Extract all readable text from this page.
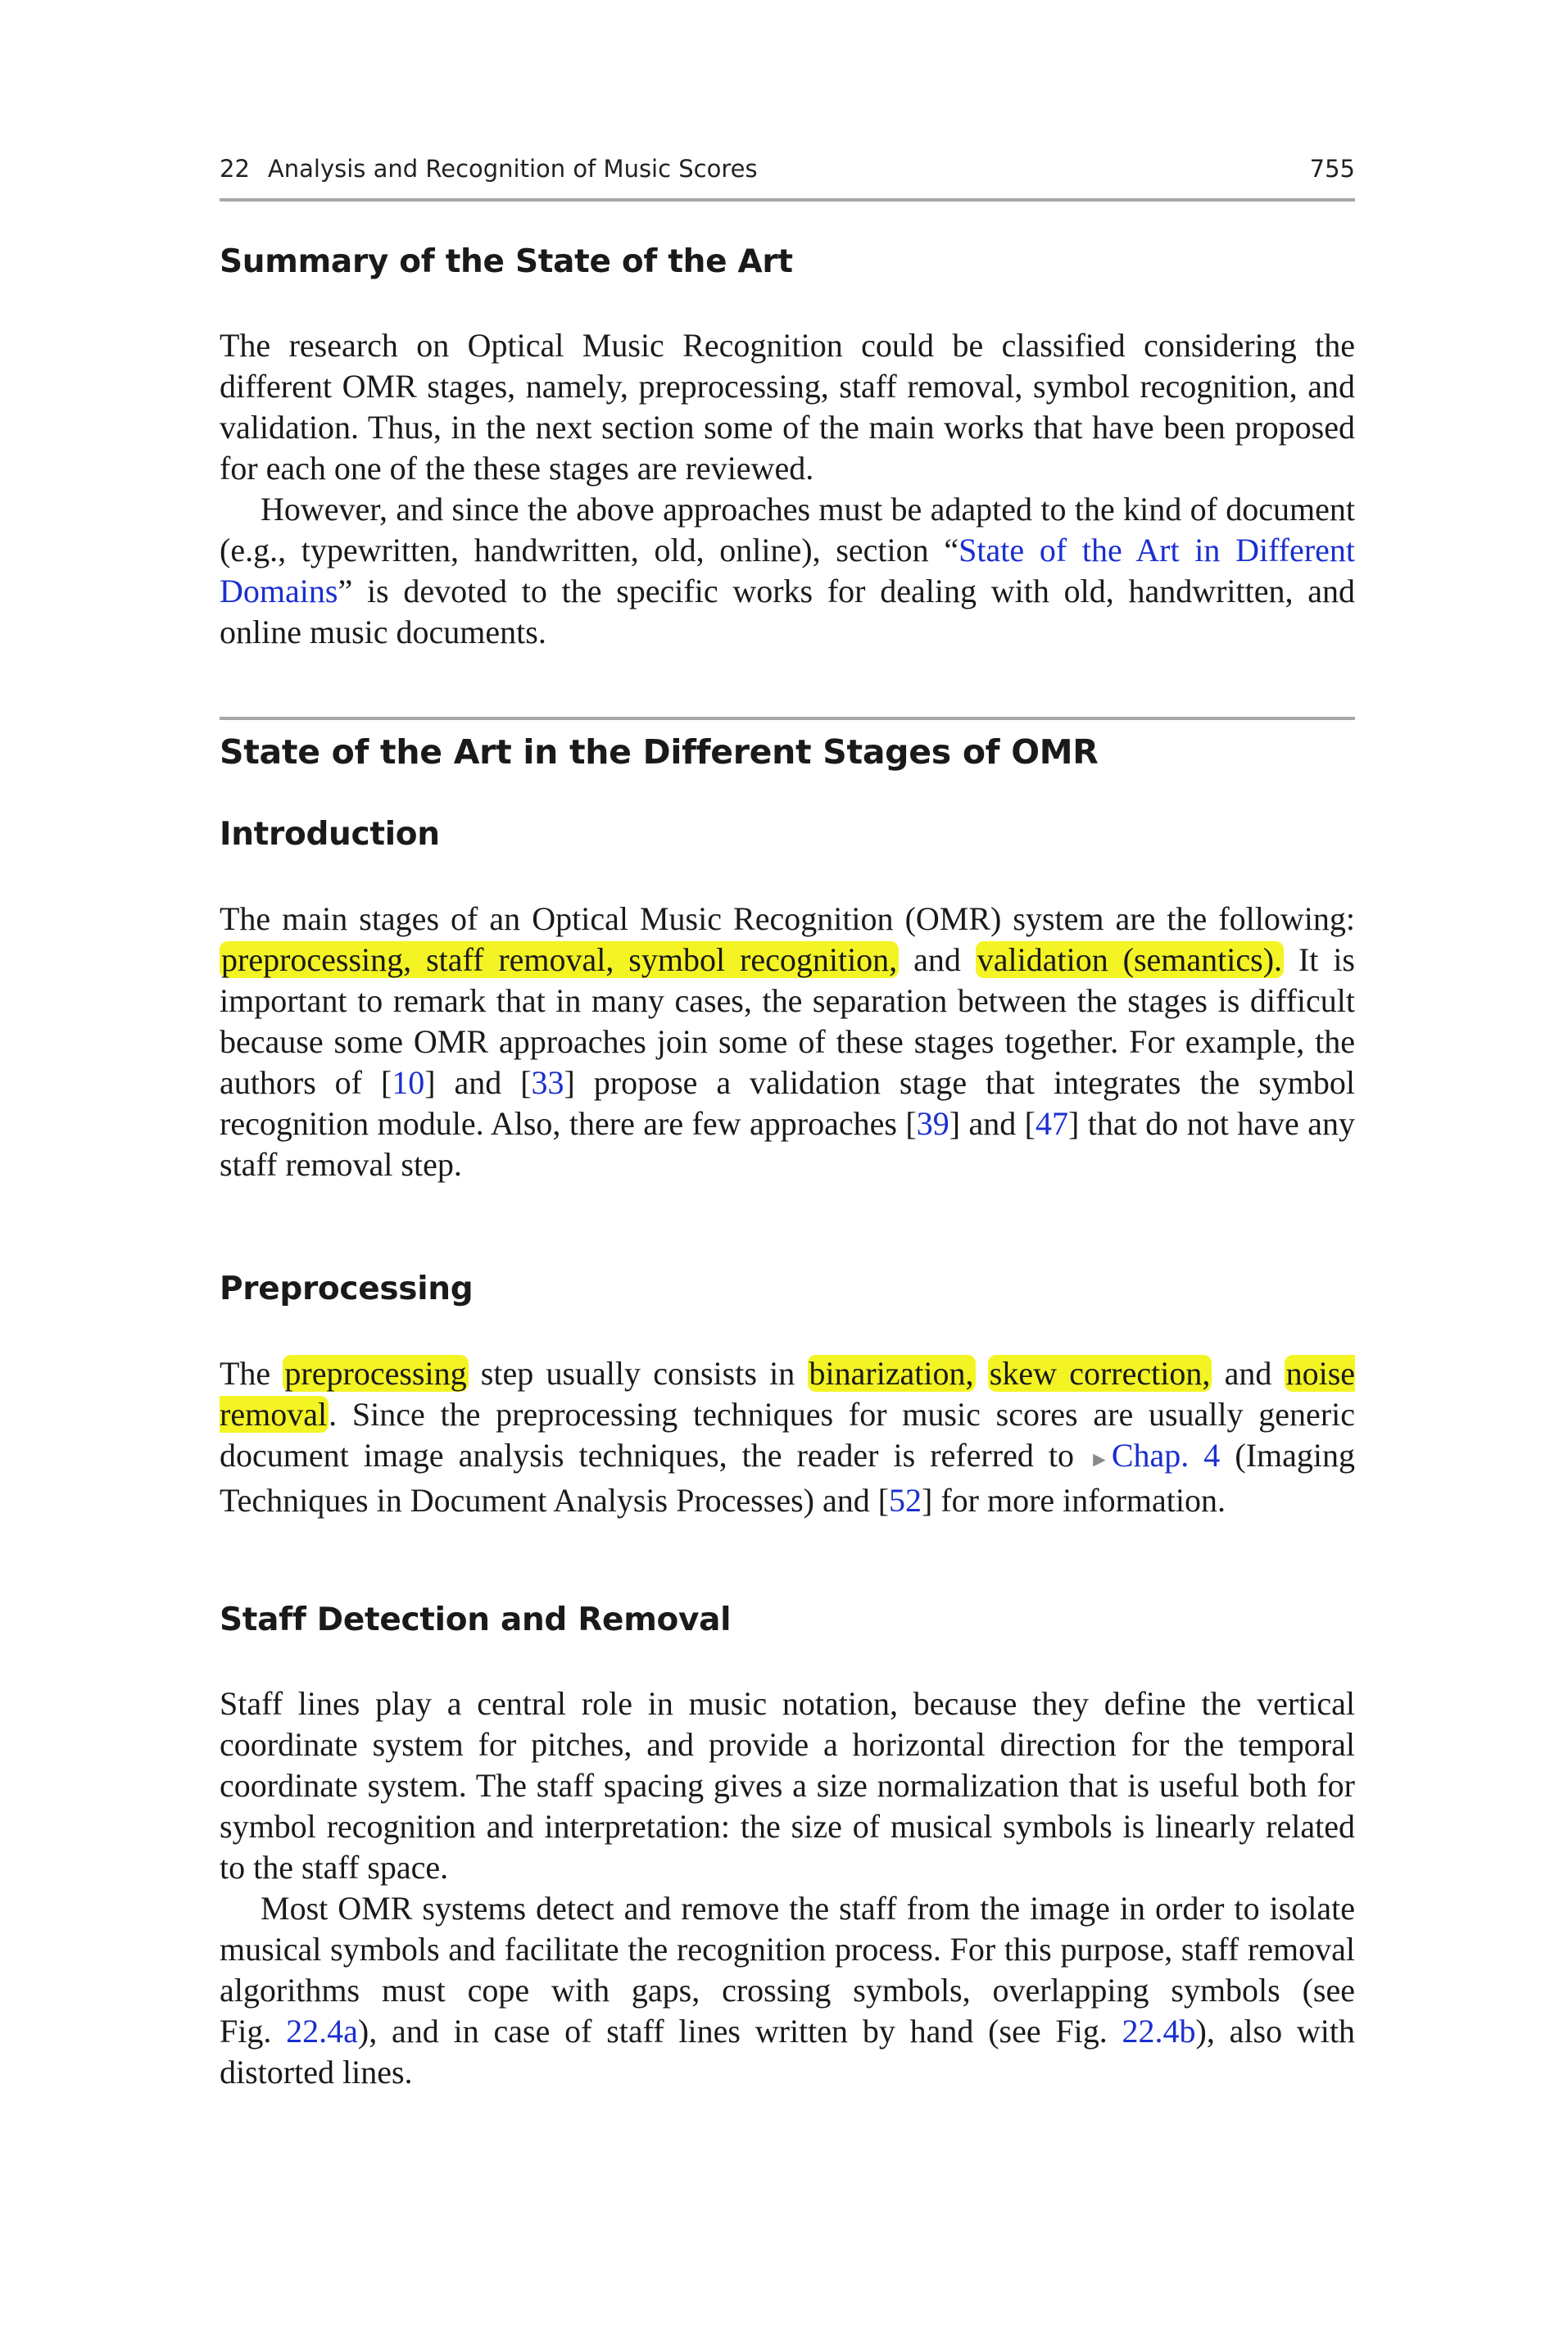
22 Analysis and Recognition of Music Scores	755
Summary of the State of the Art

The research on Optical Music Recognition could be classified considering the different OMR stages, namely, preprocessing, staff removal, symbol recognition, and validation. Thus, in the next section some of the main works that have been proposed for each one of the these stages are reviewed.

However, and since the above approaches must be adapted to the kind of document (e.g., typewritten, handwritten, old, online), section “State of the Art in Different Domains” is devoted to the specific works for dealing with old, handwritten, and online music documents.

State of the Art in the Different Stages of OMR
Introduction

The main stages of an Optical Music Recognition (OMR) system are the following: preprocessing, staff removal, symbol recognition, and validation (semantics). It is important to remark that in many cases, the separation between the stages is difficult because some OMR approaches join some of these stages together. For example, the authors of [10] and [33] propose a validation stage that integrates the symbol recognition module. Also, there are few approaches [39] and [47] that do not have any staff removal step.

Preprocessing

The preprocessing step usually consists in binarization, skew correction, and noise removal. Since the preprocessing techniques for music scores are usually generic document image analysis techniques, the reader is referred to ►Chap. 4 (Imaging Techniques in Document Analysis Processes) and [52] for more information.

Staff Detection and Removal

Staff lines play a central role in music notation, because they define the vertical coordinate system for pitches, and provide a horizontal direction for the temporal coordinate system. The staff spacing gives a size normalization that is useful both for symbol recognition and interpretation: the size of musical symbols is linearly related to the staff space.

Most OMR systems detect and remove the staff from the image in order to isolate musical symbols and facilitate the recognition process. For this purpose, staff removal algorithms must cope with gaps, crossing symbols, overlapping symbols (see Fig. 22.4a), and in case of staff lines written by hand (see Fig. 22.4b), also with distorted lines.
